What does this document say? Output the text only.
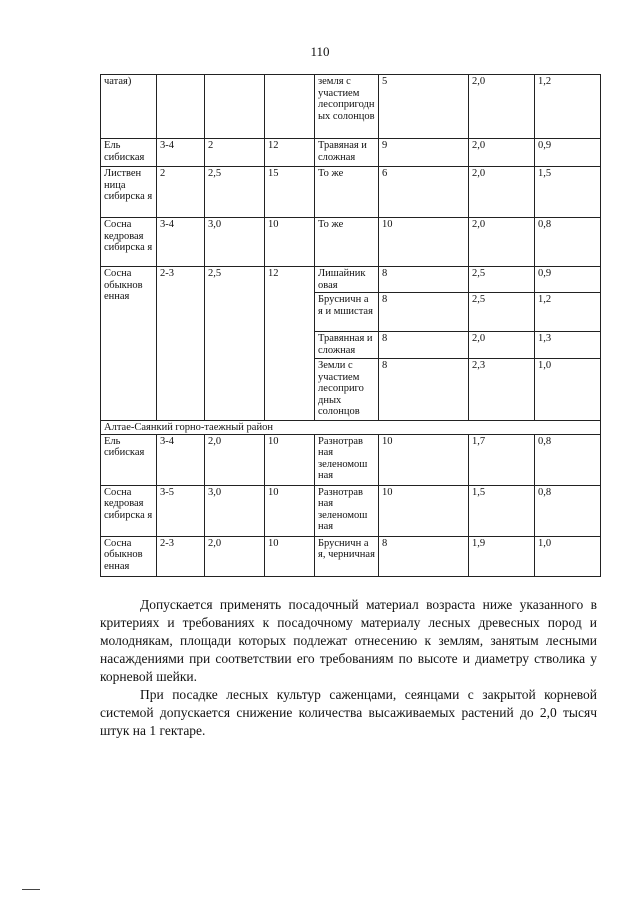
110
чатая)				земля с участием лесопригодных солонцов	5	2,0	1,2
Ель сибиская	3-4	2	12	Травяная и сложная	9	2,0	0,9
Листвен ница сибирска я	2	2,5	15	То же	6	2,0	1,5
Сосна кедровая сибирска я	3-4	3,0	10	То же	10	2,0	0,8
Сосна обыкнов енная	2-3	2,5	12	Лишайник овая	8	2,5	0,9
				Брусничн а я и мшистая	8	2,5	1,2
				Травянная и сложная	8	2,0	1,3
				Земли с участием лесоприго дных солонцов	8	2,3	1,0
Алтае-Саянкий горно-таежный район							
Ель сибиская	3-4	2,0	10	Разнотрав ная зеленомош ная	10	1,7	0,8
Сосна кедровая сибирска я	3-5	3,0	10	Разнотрав ная зеленомош ная	10	1,5	0,8
Сосна обыкнов енная	2-3	2,0	10	Брусничн а я, черничная	8	1,9	1,0

Допускается применять посадочный материал возраста ниже указанного в критериях и требованиях к посадочному материалу лесных древесных пород и молоднякам, площади которых подлежат отнесению к землям, занятым лесными насаждениями при соответствии его требованиям по высоте и диаметру стволика у корневой шейки.

При посадке лесных культур саженцами, сеянцами с закрытой корневой системой допускается снижение количества высаживаемых растений до 2,0 тысяч штук на 1 гектаре.
